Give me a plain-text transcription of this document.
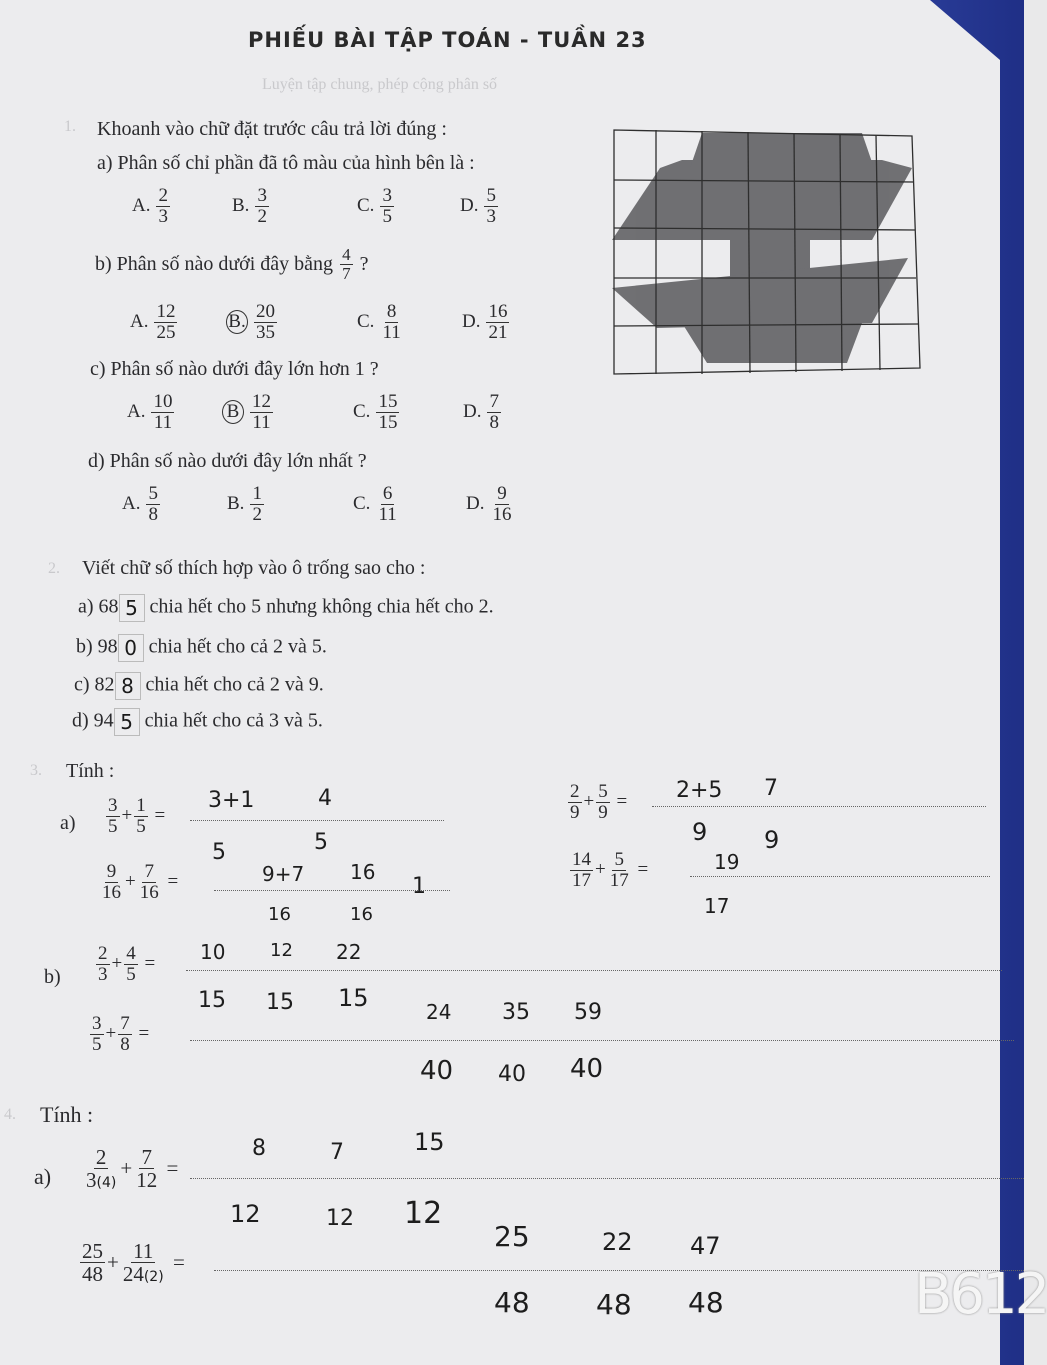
PHIẾU BÀI TẬP TOÁN - TUẦN 23
Luyện tập chung, phép cộng phân số
1. Khoanh vào chữ đặt trước câu trả lời đúng :
a) Phân số chỉ phần đã tô màu của hình bên là :
A. $\frac{2}{3}$	B. $\frac{3}{2}$	C. $\frac{3}{5}$	D. $\frac{5}{3}$
b)
Phân số nào dưới đây bằng
$\frac{4}{7}$
?
A. $\frac{12}{25}$	B. $\frac{20}{35}$	C. $\frac{8}{11}$	D. $\frac{16}{21}$
c) Phân số nào dưới đây lớn hơn 1 ?
A. $\frac{10}{11}$	B $\frac{12}{11}$	C. $\frac{15}{15}$	D. $\frac{7}{8}$
d) Phân số nào dưới đây lớn nhất ?
A. $\frac{5}{8}$	B. $\frac{1}{2}$	C. $\frac{6}{11}$	D. $\frac{9}{16}$
2. Viết chữ số thích hợp vào ô trống sao cho :
a) 68 5 chia hết cho 5 nhưng không chia hết cho 2.
b) 98 0 chia hết cho cả 2 và 5.
c) 82 8 chia hết cho cả 2 và 9.
d) 94 5 chia hết cho cả 3 và 5.
3. Tính :
a)
b)
$\frac{3}{5} + \frac{1}{5}$ =
3+1
5
4
5
$\frac{9}{16} + \frac{7}{16}$ =	9+7
16
16
16
1
$\frac{2}{9} + \frac{5}{9} = 2+5$
9
7
9
$\frac{14}{17} + \frac{5}{17}$ =	19
17
$\frac{2}{3} + \frac{4}{5} = 10$
15
12
15
22
15
$\frac{3}{5} + \frac{7}{8}$ =
24
40
35
40
59
40
4. Tính :
$a) \frac{2}{3(4)} + \frac{7}{12}$ =
8
12
7
12
15
12
$\frac{25}{48} + \frac{11}{24(2)}$ =
25
48
22
48
47
48	B612
